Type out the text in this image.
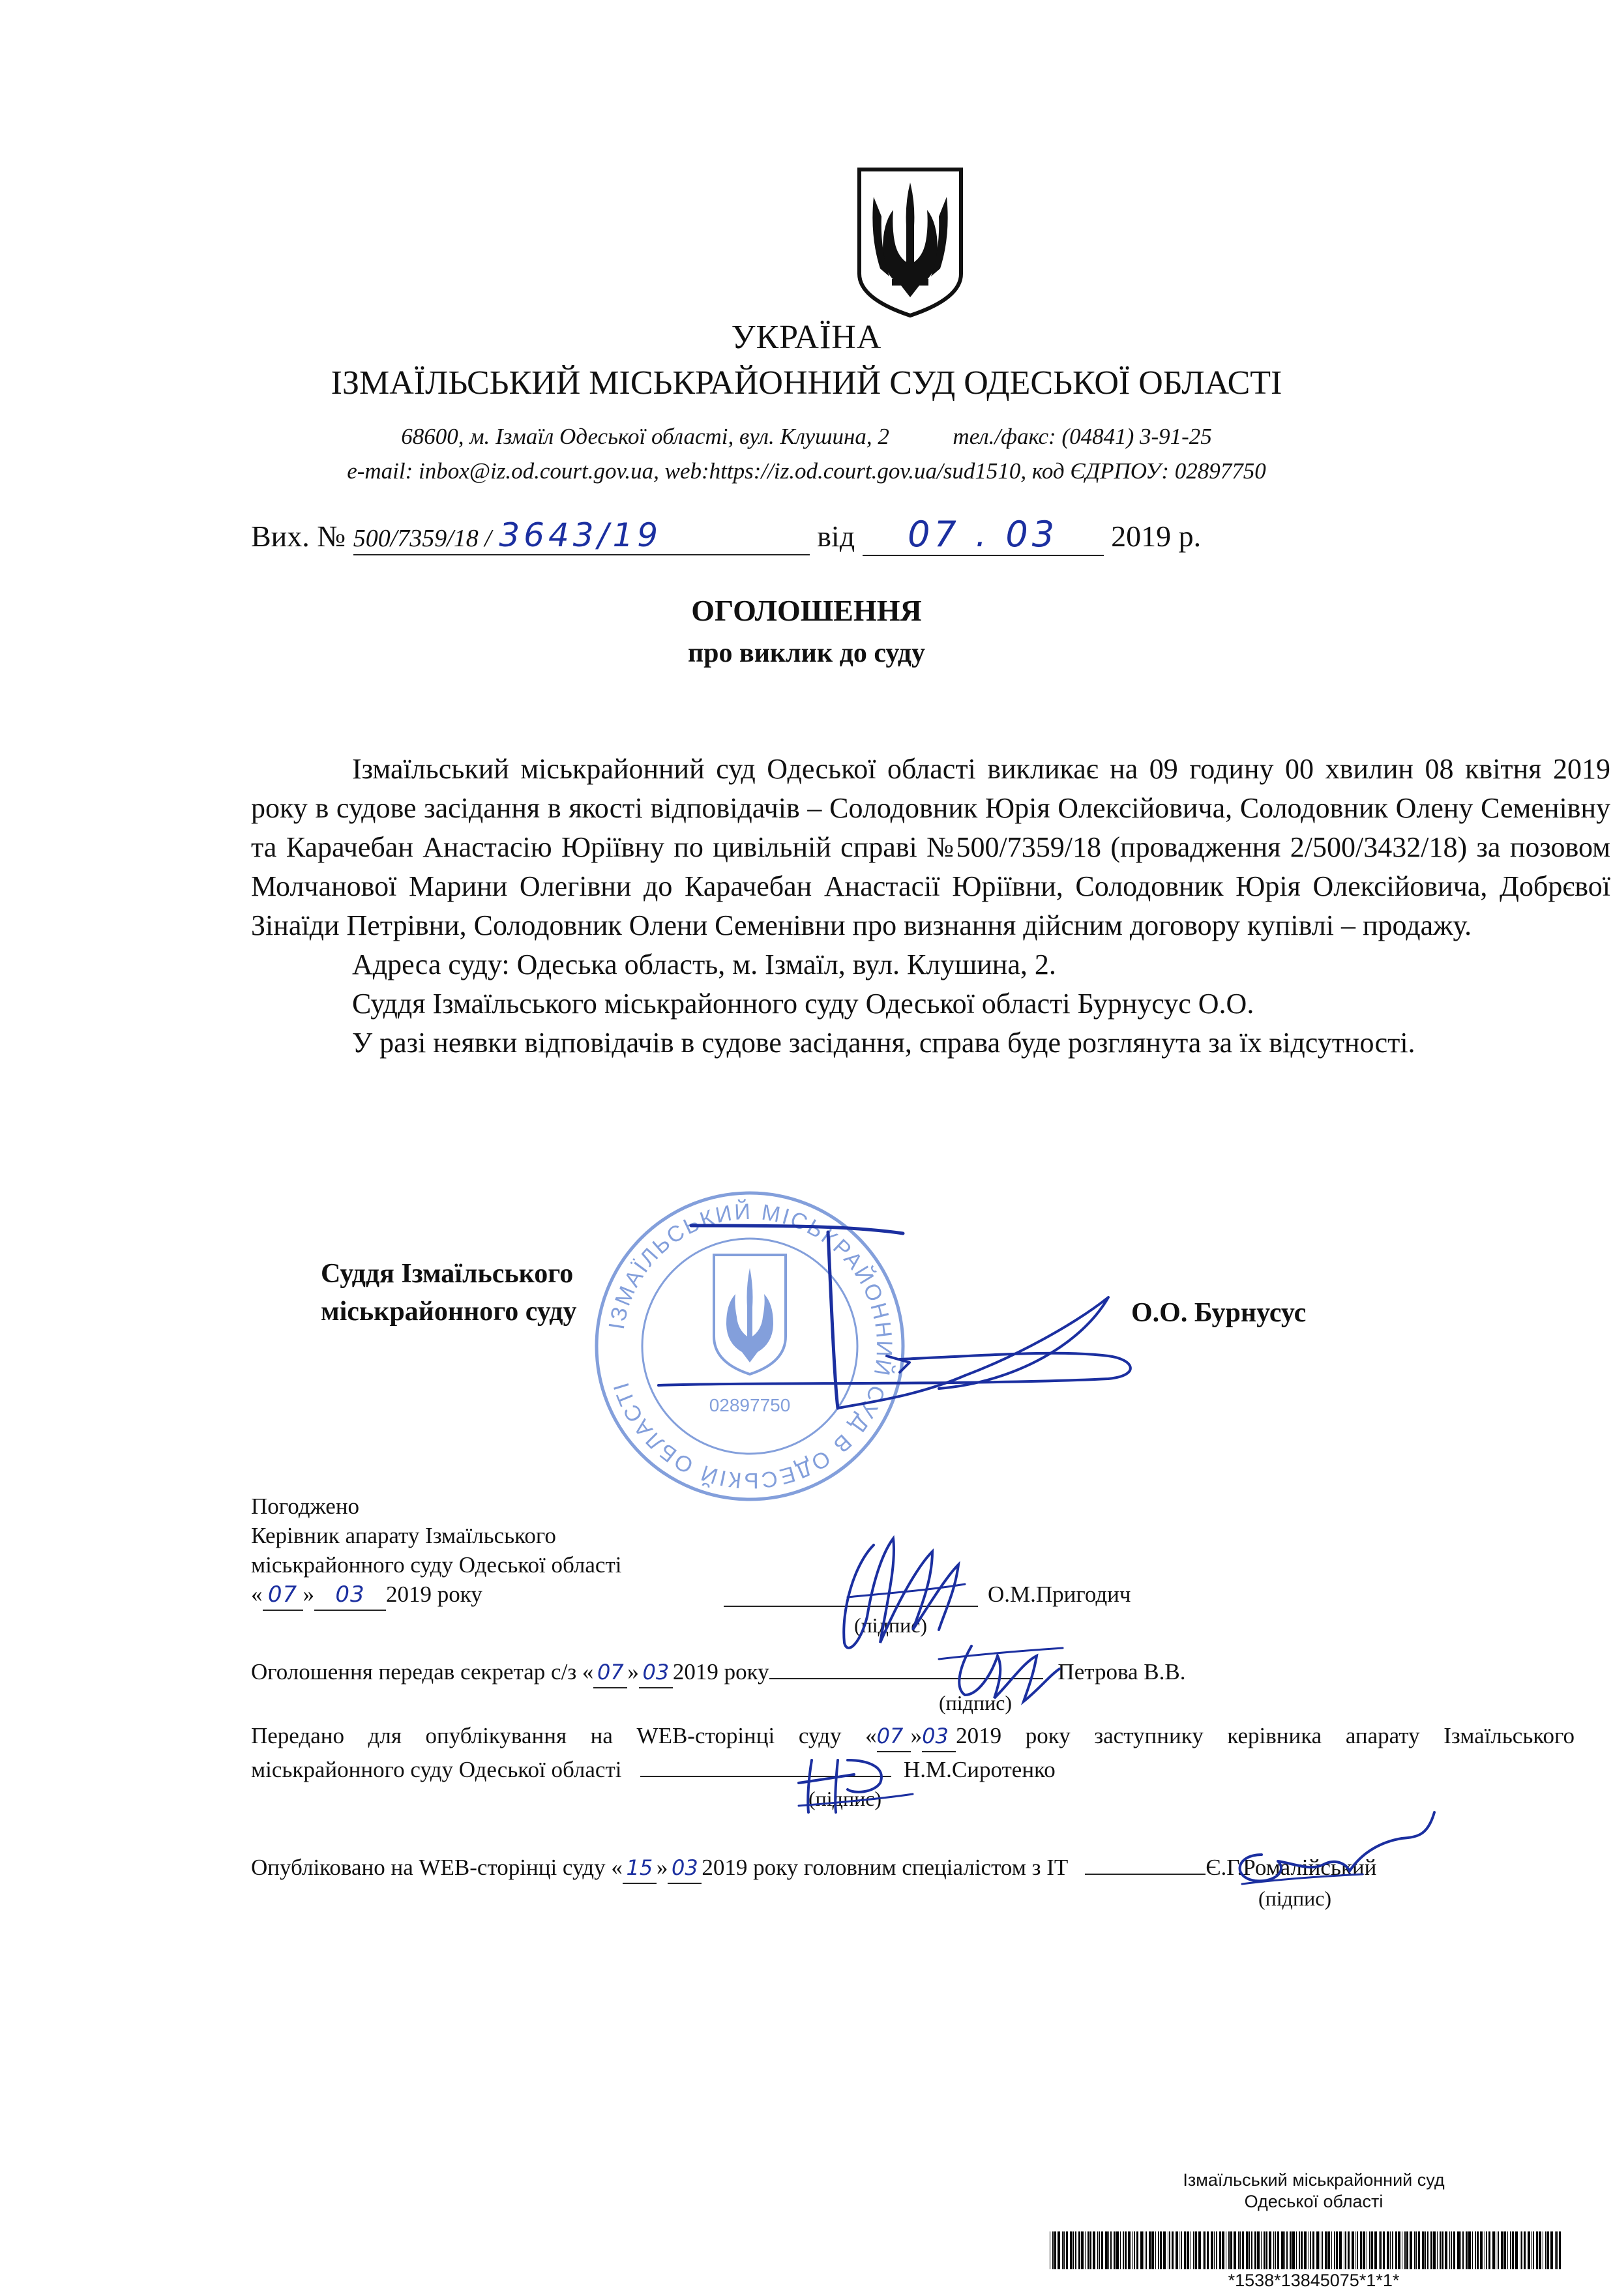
УКРАЇНА
ІЗМАЇЛЬСЬКИЙ МІСЬКРАЙОННИЙ СУД ОДЕСЬКОЇ ОБЛАСТІ
68600, м. Ізмаїл Одеської області, вул. Клушина, 2	тел./факс: (04841) 3-91-25
e-mail: inbox@iz.od.court.gov.ua, web:https://iz.od.court.gov.ua/sud1510, код ЄДРПОУ: 02897750
Вих. № 500/7359/18 / 3643/19	від 07 . 03 2019 р.
ОГОЛОШЕННЯ
про виклик до суду

Ізмаїльський міськрайонний суд Одеської області викликає на 09 годину 00 хвилин 08 квітня 2019 року в судове засідання в якості відповідачів – Солодовник Юрія Олексійовича, Солодовник Олену Семенівну та Карачебан Анастасію Юріївну по цивільній справі №500/7359/18 (провадження 2/500/3432/18) за позовом Молчанової Марини Олегівни до Карачебан Анастасії Юріївни, Солодовник Юрія Олексійовича, Добрєвої Зінаїди Петрівни, Солодовник Олени Семенівни про визнання дійсним договору купівлі – продажу.

Адреса суду: Одеська область, м. Ізмаїл, вул. Клушина, 2.

Суддя Ізмаїльського міськрайонного суду Одеської області Бурнусус О.О.

У разі неявки відповідачів в судове засідання, справа буде розглянута за їх відсутності.

Суддя Ізмаїльського
міськрайонного суду	О.О. Бурнусус
Погоджено
Керівник апарату Ізмаїльського
міськрайонного суду Одеської області
« 07 » 03 2019 року	О.М.Пригодич
(підпис)
Оголошення передав секретар с/з « 07 » 03 2019 року	Петрова В.В.
(підпис)
Передано для опублікування на WEB-сторінці суду «07 »03 2019 року заступнику керівника апарату Ізмаїльського
міськрайонного суду Одеської області	Н.М.Сиротенко
(підпис)
Опубліковано на WEB-сторінці суду « 15 » 03 2019 року головним спеціалістом з IT	Є.Г.Ромалійський
(підпис)
ІЗМАЇЛЬСЬКИЙ МІСЬКРАЙОННИЙ СУД В ОДЕСЬКІЙ ОБЛАСТІ
02897750
Ізмаїльський міськрайонний суд
Одеської області
*1538*13845075*1*1*
